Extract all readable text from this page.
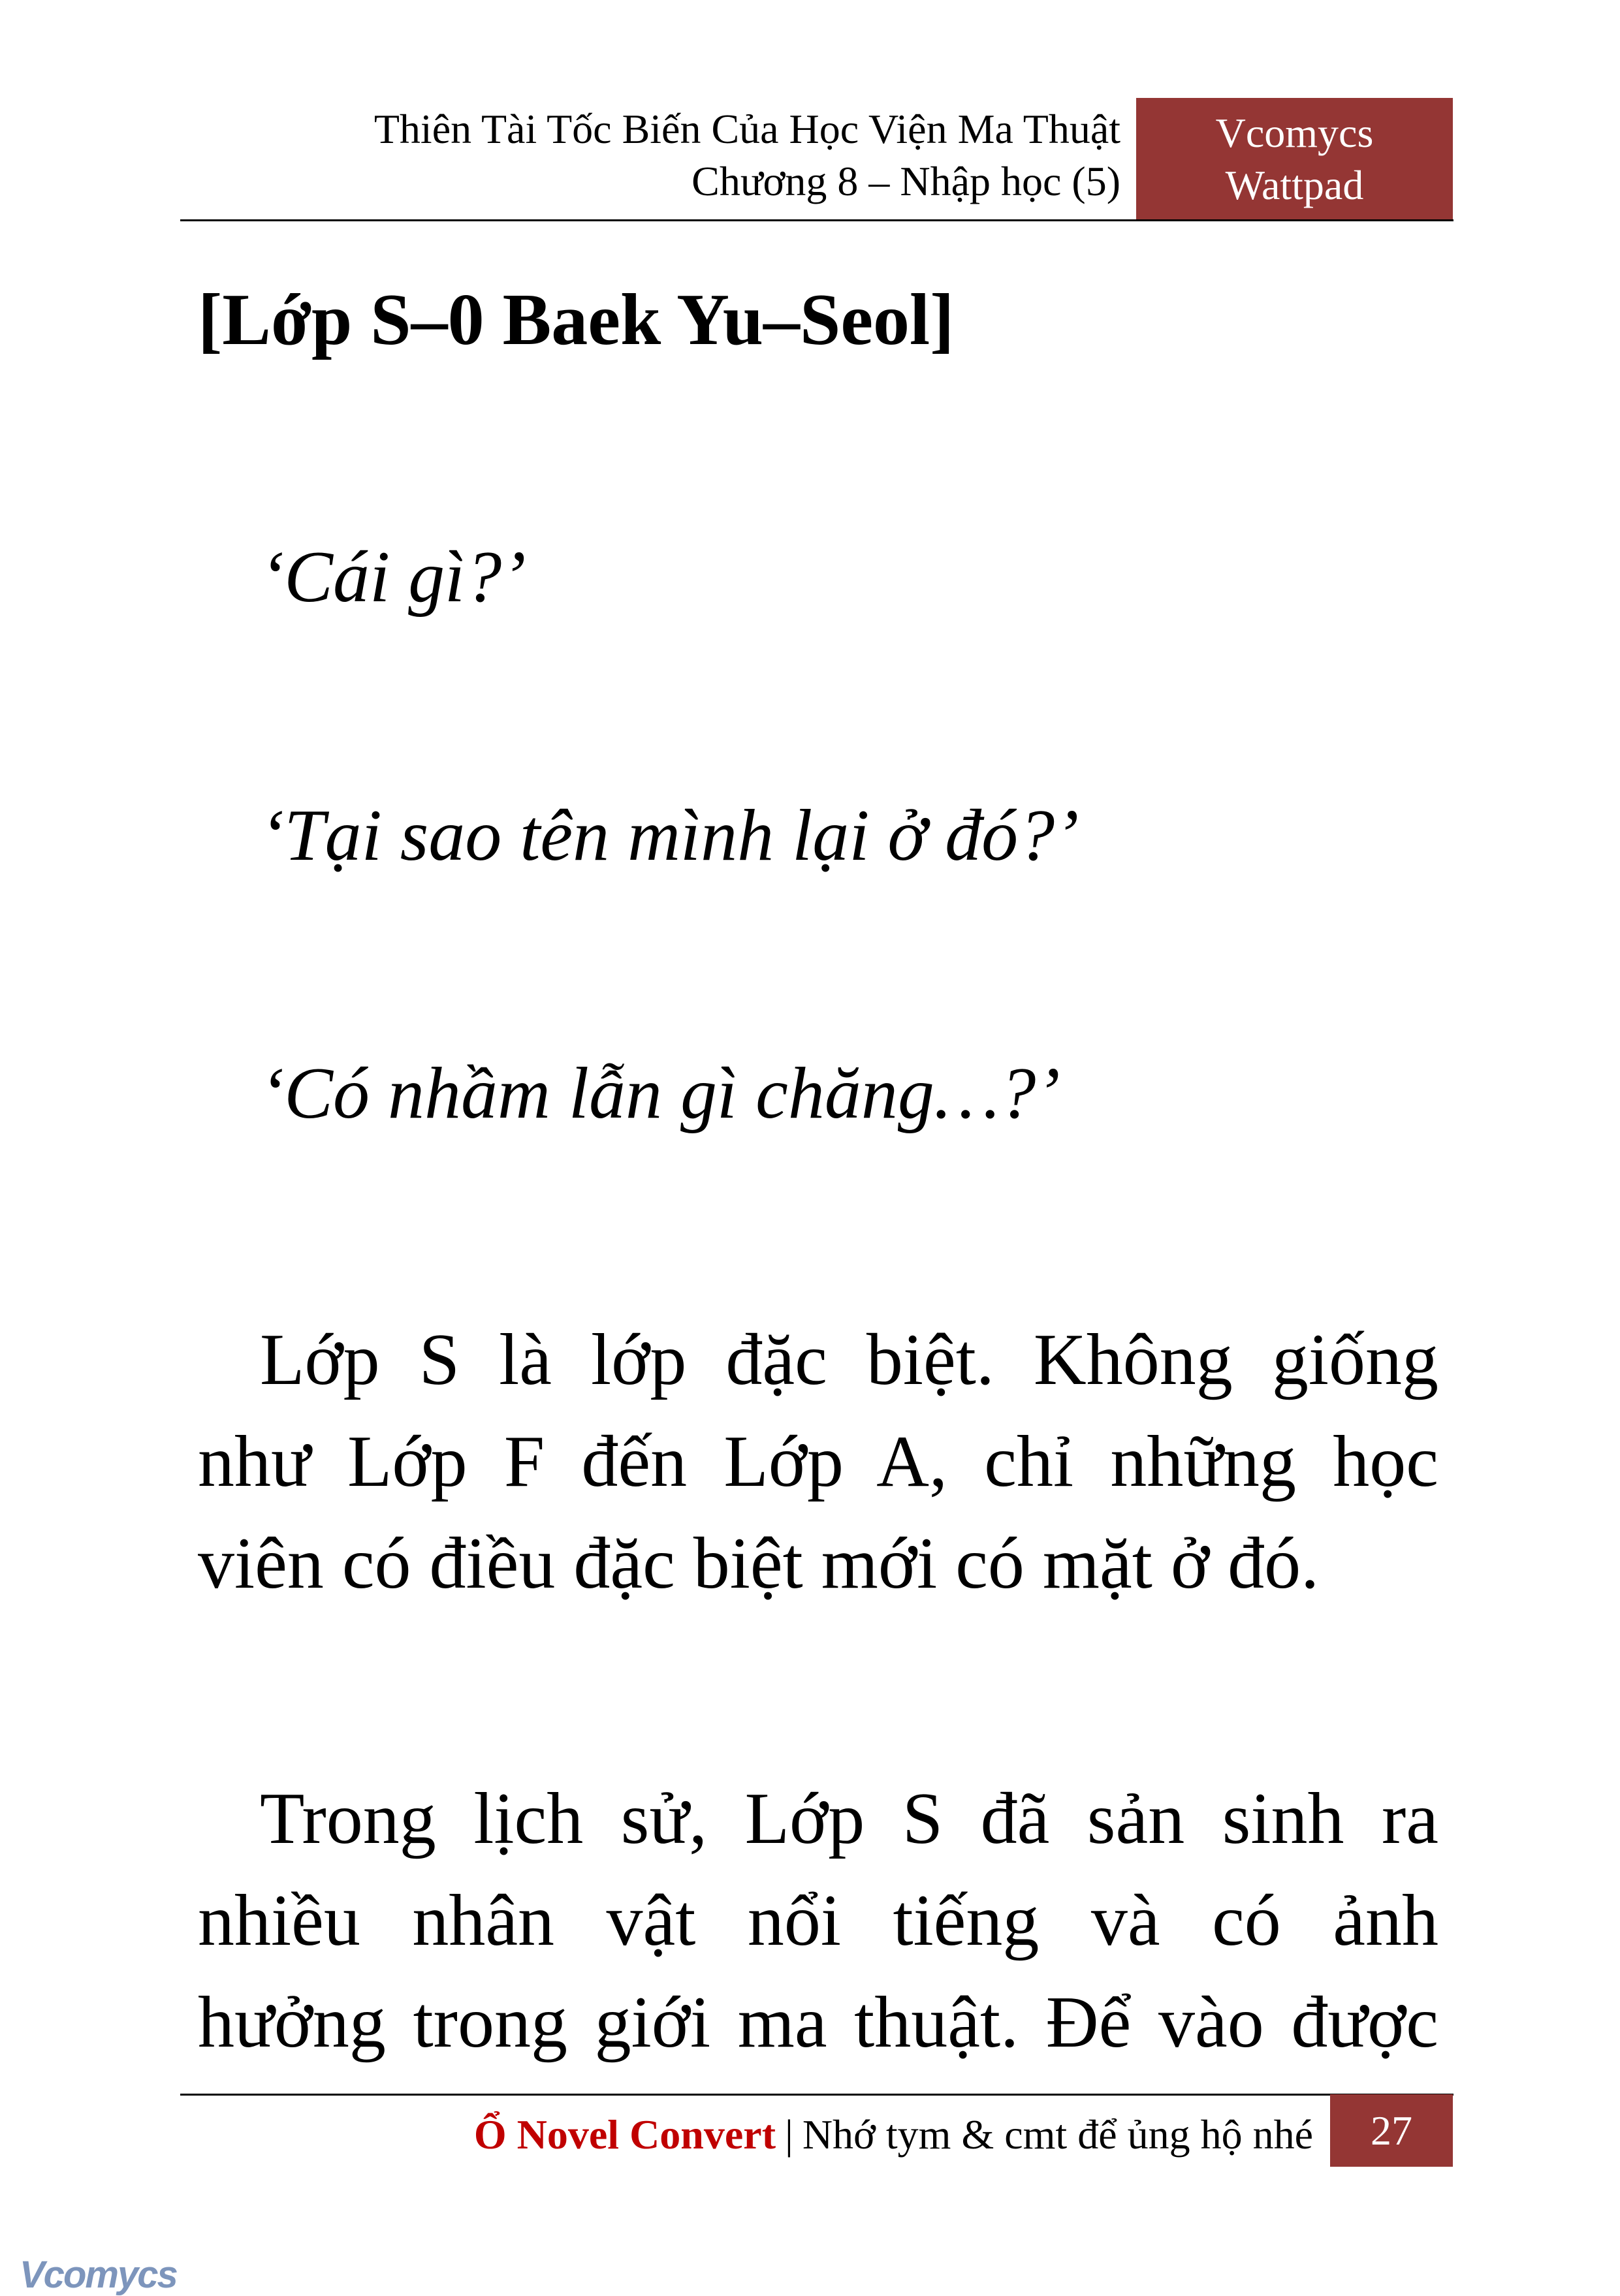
Thiên Tài Tốc Biến Của Học Viện Ma Thuật
Chương 8 – Nhập học (5)
Vcomycs
Wattpad
[Lớp S–0 Baek Yu–Seol]
‘Cái gì?’
‘Tại sao tên mình lại ở đó?’
‘Có nhầm lẫn gì chăng…?’
Lớp S là lớp đặc biệt. Không giống
như Lớp F đến Lớp A, chỉ những học
viên có điều đặc biệt mới có mặt ở đó.
Trong lịch sử, Lớp S đã sản sinh ra
nhiều nhân vật nổi tiếng và có ảnh
hưởng trong giới ma thuật. Để vào được
Ổ Novel Convert | Nhớ tym & cmt để ủng hộ nhé 27
Vcomycs
